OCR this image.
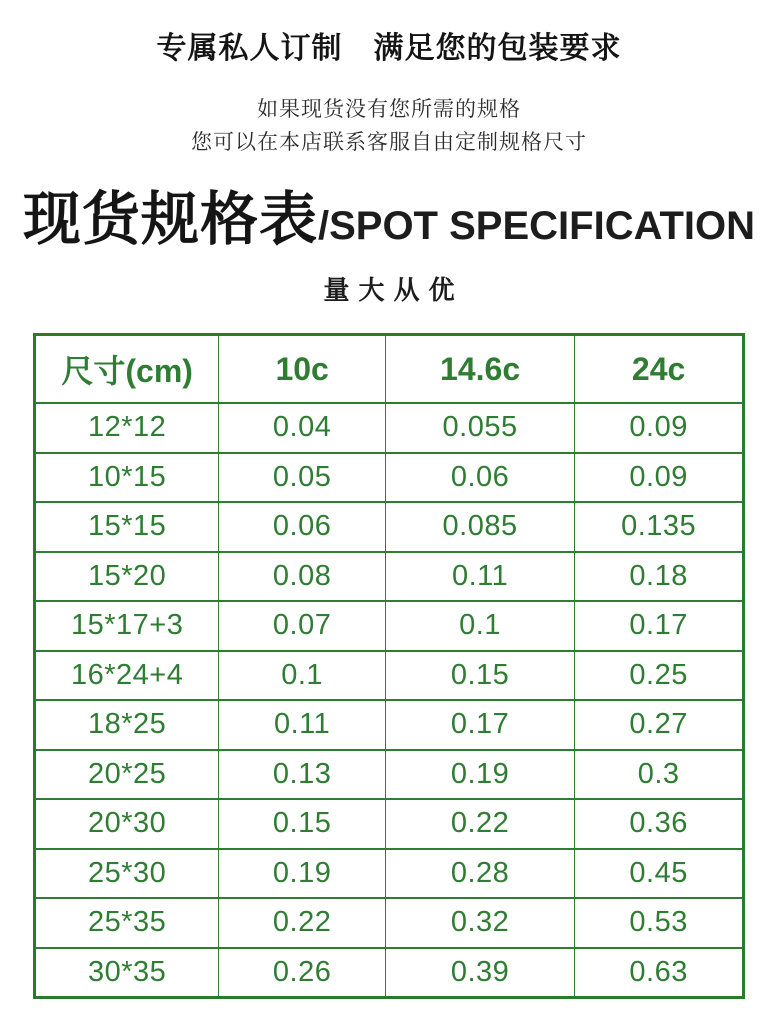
专属私人订制　满足您的包装要求
如果现货没有您所需的规格
您可以在本店联系客服自由定制规格尺寸
现货规格表/SPOT SPECIFICATION
量大从优
尺寸(cm)	10c	14.6c	24c
12*12	0.04	0.055	0.09
10*15	0.05	0.06	0.09
15*15	0.06	0.085	0.135
15*20	0.08	0.11	0.18
15*17+3	0.07	0.1	0.17
16*24+4	0.1	0.15	0.25
18*25	0.11	0.17	0.27
20*25	0.13	0.19	0.3
20*30	0.15	0.22	0.36
25*30	0.19	0.28	0.45
25*35	0.22	0.32	0.53
30*35	0.26	0.39	0.63
